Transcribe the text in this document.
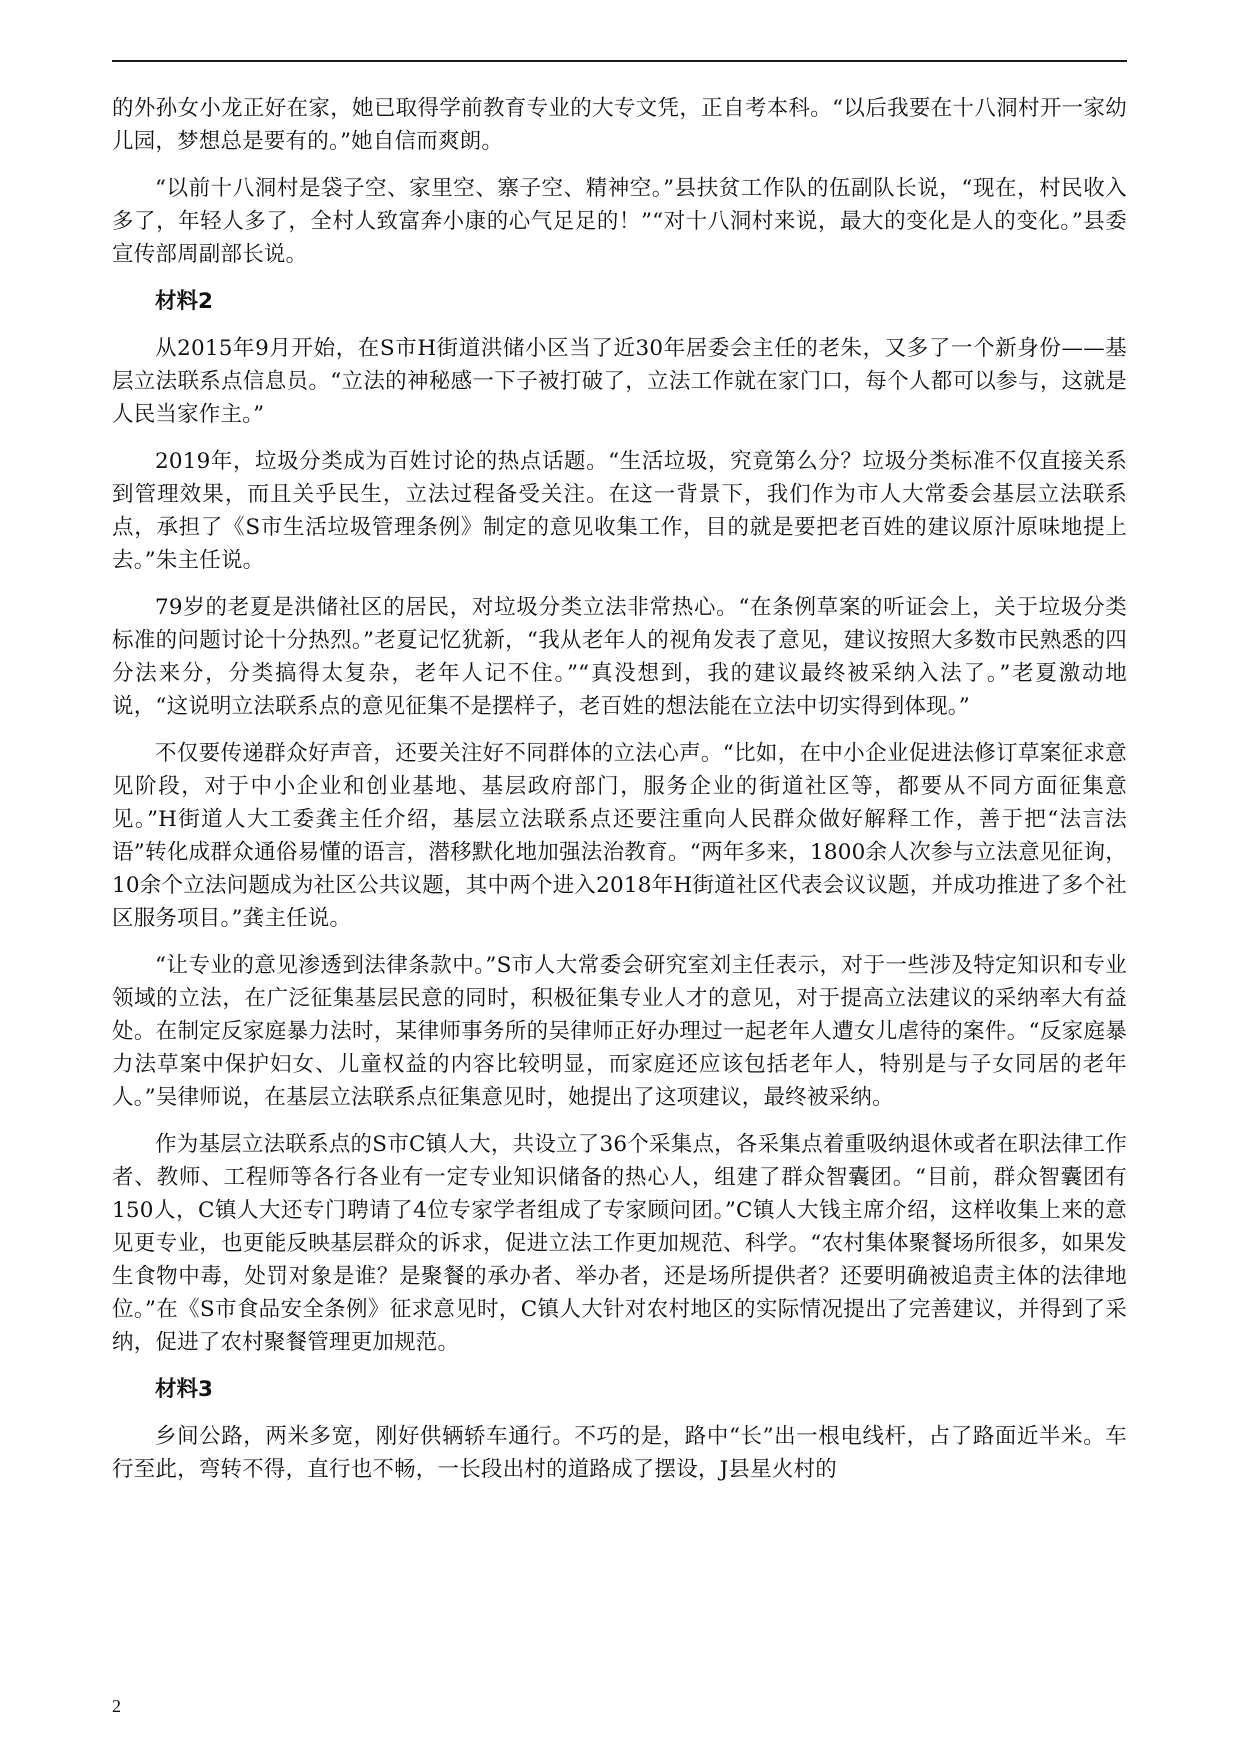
的外孙女小龙正好在家，她已取得学前教育专业的大专文凭，正自考本科。“以后我要在十八洞村开一家幼儿园，梦想总是要有的。”她自信而爽朗。

“以前十八洞村是袋子空、家里空、寨子空、精神空。”县扶贫工作队的伍副队长说，“现在，村民收入多了，年轻人多了，全村人致富奔小康的心气足足的！”“对十八洞村来说，最大的变化是人的变化。”县委宣传部周副部长说。

材料2

从2015年9月开始，在S市H街道洪储小区当了近30年居委会主任的老朱，又多了一个新身份——基层立法联系点信息员。“立法的神秘感一下子被打破了，立法工作就在家门口，每个人都可以参与，这就是人民当家作主。”

2019年，垃圾分类成为百姓讨论的热点话题。“生活垃圾，究竟第么分？垃圾分类标准不仅直接关系到管理效果，而且关乎民生，立法过程备受关注。在这一背景下，我们作为市人大常委会基层立法联系点，承担了《S市生活垃圾管理条例》制定的意见收集工作，目的就是要把老百姓的建议原汁原味地提上去。”朱主任说。

79岁的老夏是洪储社区的居民，对垃圾分类立法非常热心。“在条例草案的听证会上，关于垃圾分类标准的问题讨论十分热烈。”老夏记忆犹新，“我从老年人的视角发表了意见，建议按照大多数市民熟悉的四分法来分，分类搞得太复杂，老年人记不住。”“真没想到，我的建议最终被采纳入法了。”老夏激动地说，“这说明立法联系点的意见征集不是摆样子，老百姓的想法能在立法中切实得到体现。”

不仅要传递群众好声音，还要关注好不同群体的立法心声。“比如，在中小企业促进法修订草案征求意见阶段，对于中小企业和创业基地、基层政府部门，服务企业的街道社区等，都要从不同方面征集意见。”H街道人大工委龚主任介绍，基层立法联系点还要注重向人民群众做好解释工作，善于把“法言法语”转化成群众通俗易懂的语言，潜移默化地加强法治教育。“两年多来，1800余人次参与立法意见征询，10余个立法问题成为社区公共议题，其中两个进入2018年H街道社区代表会议议题，并成功推进了多个社区服务项目。”龚主任说。

“让专业的意见渗透到法律条款中。”S市人大常委会研究室刘主任表示，对于一些涉及特定知识和专业领域的立法，在广泛征集基层民意的同时，积极征集专业人才的意见，对于提高立法建议的采纳率大有益处。在制定反家庭暴力法时，某律师事务所的吴律师正好办理过一起老年人遭女儿虐待的案件。“反家庭暴力法草案中保护妇女、儿童权益的内容比较明显，而家庭还应该包括老年人，特别是与子女同居的老年人。”吴律师说，在基层立法联系点征集意见时，她提出了这项建议，最终被采纳。

作为基层立法联系点的S市C镇人大，共设立了36个采集点，各采集点着重吸纳退休或者在职法律工作者、教师、工程师等各行各业有一定专业知识储备的热心人，组建了群众智囊团。“目前，群众智囊团有150人，C镇人大还专门聘请了4位专家学者组成了专家顾问团。”C镇人大钱主席介绍，这样收集上来的意见更专业，也更能反映基层群众的诉求，促进立法工作更加规范、科学。“农村集体聚餐场所很多，如果发生食物中毒，处罚对象是谁？是聚餐的承办者、举办者，还是场所提供者？还要明确被追责主体的法律地位。”在《S市食品安全条例》征求意见时，C镇人大针对农村地区的实际情况提出了完善建议，并得到了采纳，促进了农村聚餐管理更加规范。

材料3

乡间公路，两米多宽，刚好供辆轿车通行。不巧的是，路中“长”出一根电线杆，占了路面近半米。车行至此，弯转不得，直行也不畅，一长段出村的道路成了摆设，J县星火村的

2
